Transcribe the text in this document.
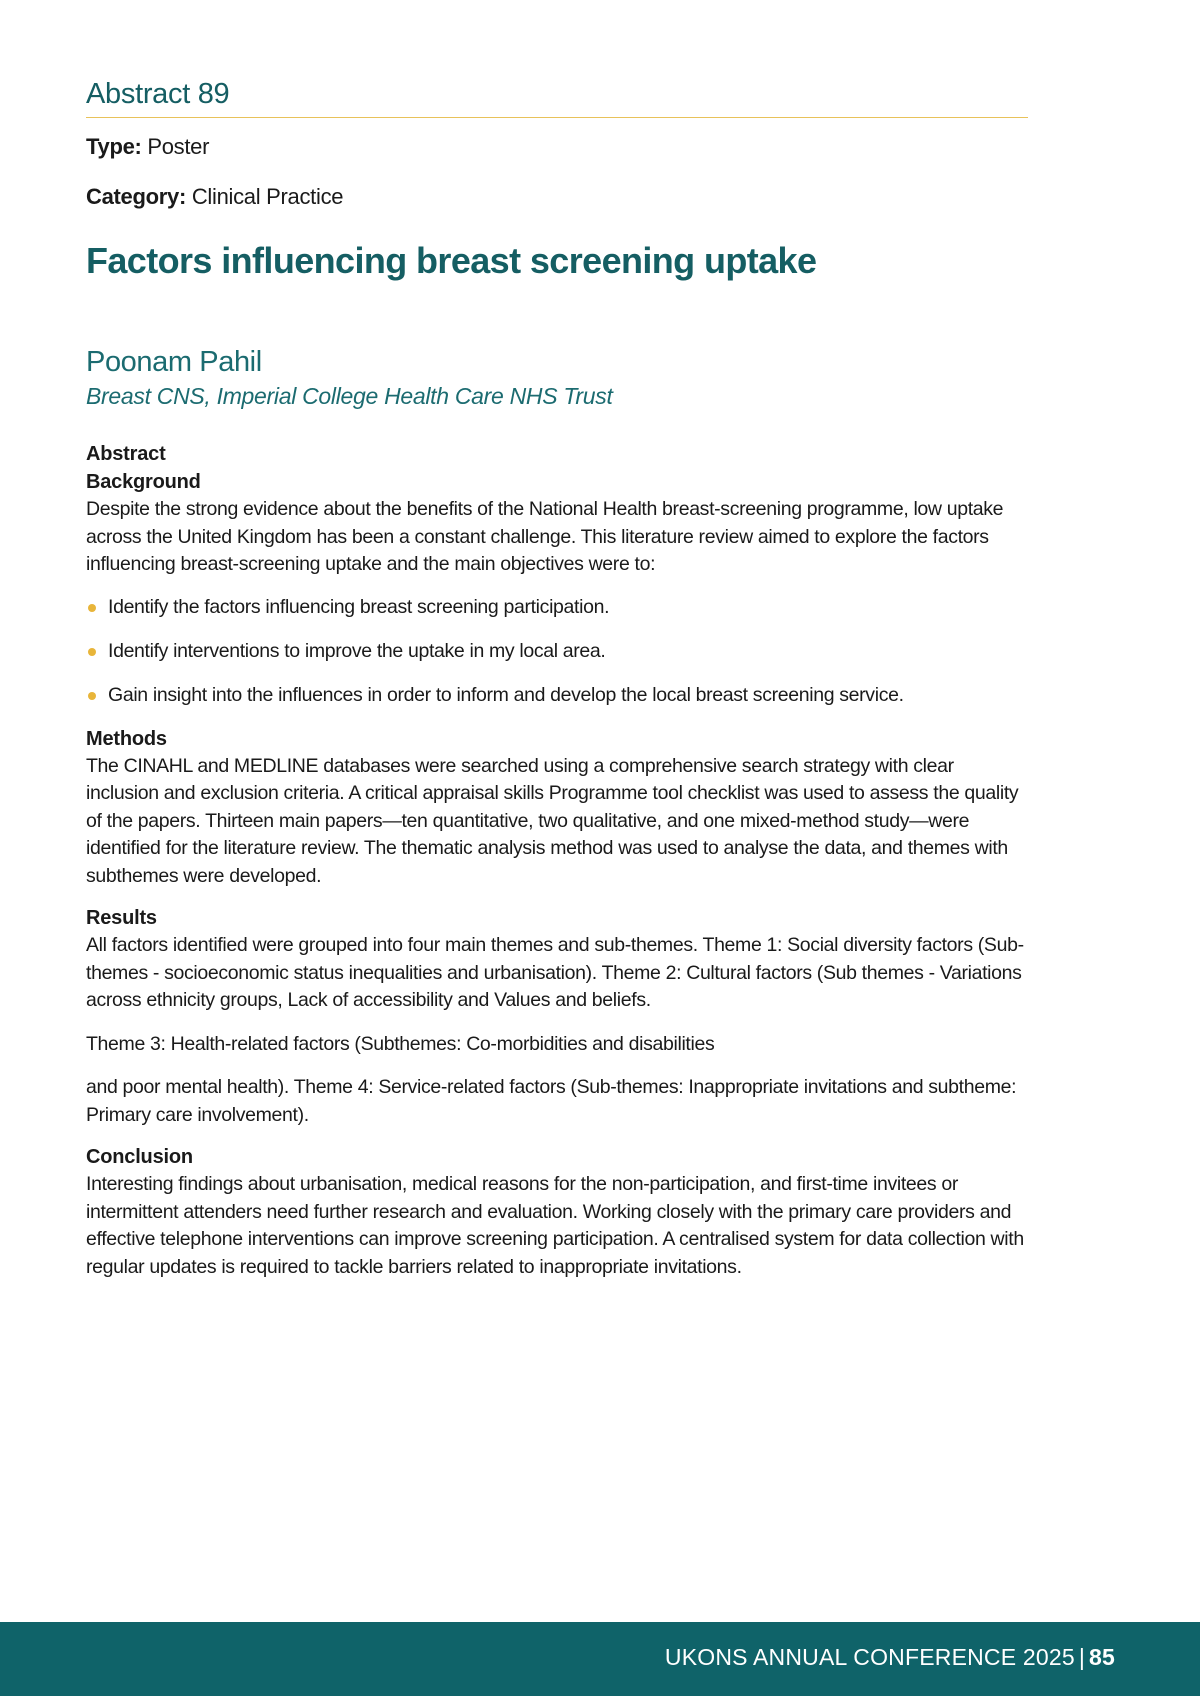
Abstract 89
Type: Poster
Category: Clinical Practice
Factors influencing breast screening uptake
Poonam Pahil
Breast CNS, Imperial College Health Care NHS Trust
Abstract
Background

Despite the strong evidence about the benefits of the National Health breast-screening programme, low uptake across the United Kingdom has been a constant challenge. This literature review aimed to explore the factors influencing breast-screening uptake and the main objectives were to:

Identify the factors influencing breast screening participation.
Identify interventions to improve the uptake in my local area.
Gain insight into the influences in order to inform and develop the local breast screening service.
Methods

The CINAHL and MEDLINE databases were searched using a comprehensive search strategy with clear inclusion and exclusion criteria. A critical appraisal skills Programme tool checklist was used to assess the quality of the papers. Thirteen main papers—ten quantitative, two qualitative, and one mixed-method study—were identified for the literature review. The thematic analysis method was used to analyse the data, and themes with subthemes were developed.

Results

All factors identified were grouped into four main themes and sub-themes. Theme 1: Social diversity factors (Sub-themes - socioeconomic status inequalities and urbanisation). Theme 2: Cultural factors (Sub themes - Variations across ethnicity groups, Lack of accessibility and Values and beliefs.

Theme 3: Health-related factors (Subthemes: Co-morbidities and disabilities

and poor mental health). Theme 4: Service-related factors (Sub-themes: Inappropriate invitations and subtheme: Primary care involvement).

Conclusion

Interesting findings about urbanisation, medical reasons for the non-participation, and first-time invitees or intermittent attenders need further research and evaluation. Working closely with the primary care providers and effective telephone interventions can improve screening participation. A centralised system for data collection with regular updates is required to tackle barriers related to inappropriate invitations.

UKONS ANNUAL CONFERENCE 2025 | 85
